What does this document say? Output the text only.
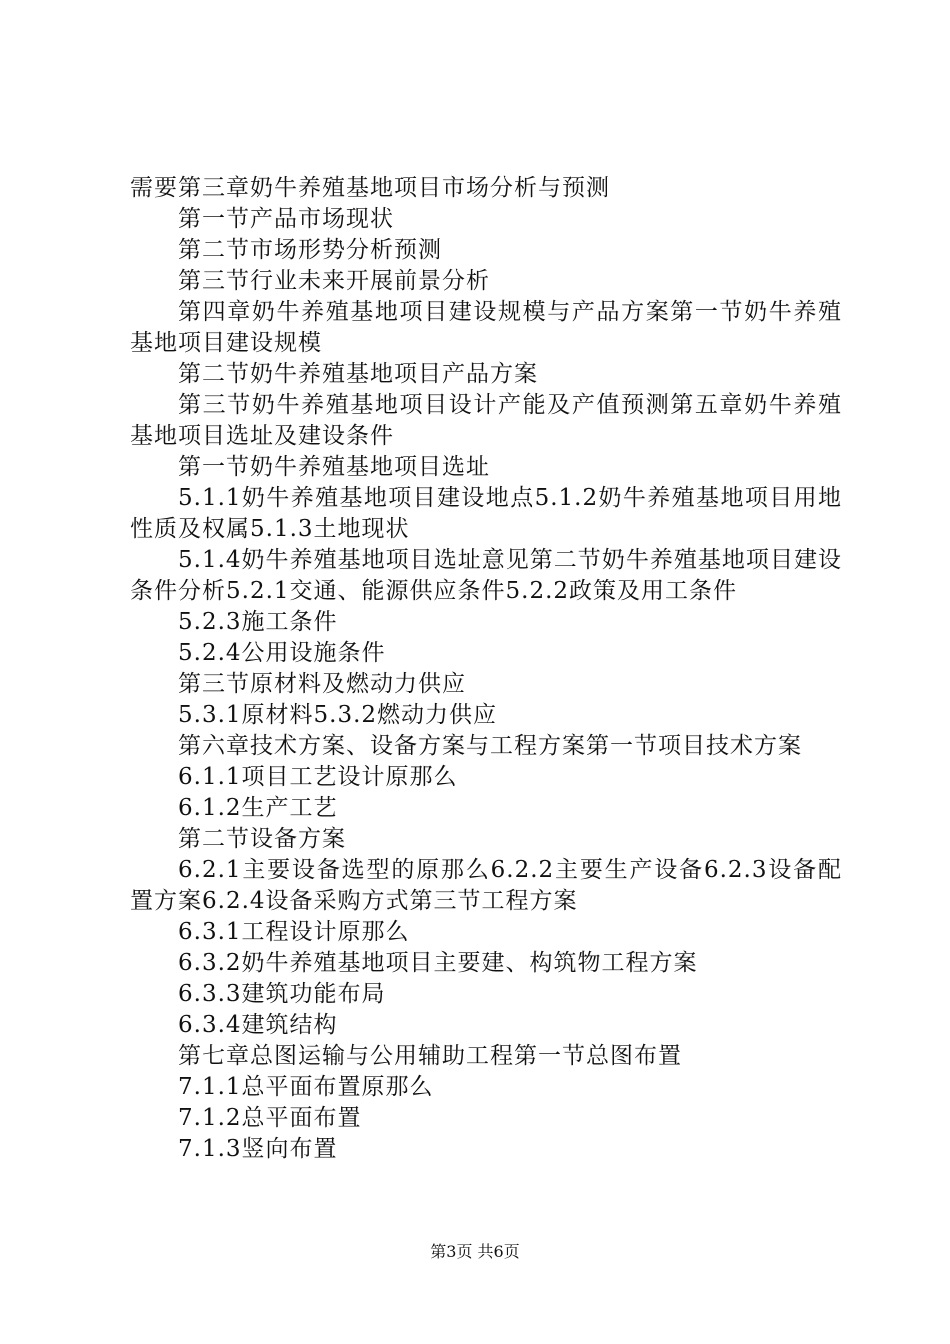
需要第三章奶牛养殖基地项目市场分析与预测

第一节产品市场现状

第二节市场形势分析预测

第三节行业未来开展前景分析

第四章奶牛养殖基地项目建设规模与产品方案第一节奶牛养殖基地项目建设规模

第二节奶牛养殖基地项目产品方案

第三节奶牛养殖基地项目设计产能及产值预测第五章奶牛养殖基地项目选址及建设条件

第一节奶牛养殖基地项目选址

5.1.1奶牛养殖基地项目建设地点5.1.2奶牛养殖基地项目用地性质及权属5.1.3土地现状

5.1.4奶牛养殖基地项目选址意见第二节奶牛养殖基地项目建设条件分析5.2.1交通、能源供应条件5.2.2政策及用工条件

5.2.3施工条件

5.2.4公用设施条件

第三节原材料及燃动力供应

5.3.1原材料5.3.2燃动力供应

第六章技术方案、设备方案与工程方案第一节项目技术方案

6.1.1项目工艺设计原那么

6.1.2生产工艺

第二节设备方案

6.2.1主要设备选型的原那么6.2.2主要生产设备6.2.3设备配置方案6.2.4设备采购方式第三节工程方案

6.3.1工程设计原那么

6.3.2奶牛养殖基地项目主要建、构筑物工程方案

6.3.3建筑功能布局

6.3.4建筑结构

第七章总图运输与公用辅助工程第一节总图布置

7.1.1总平面布置原那么

7.1.2总平面布置

7.1.3竖向布置

第3页 共6页
